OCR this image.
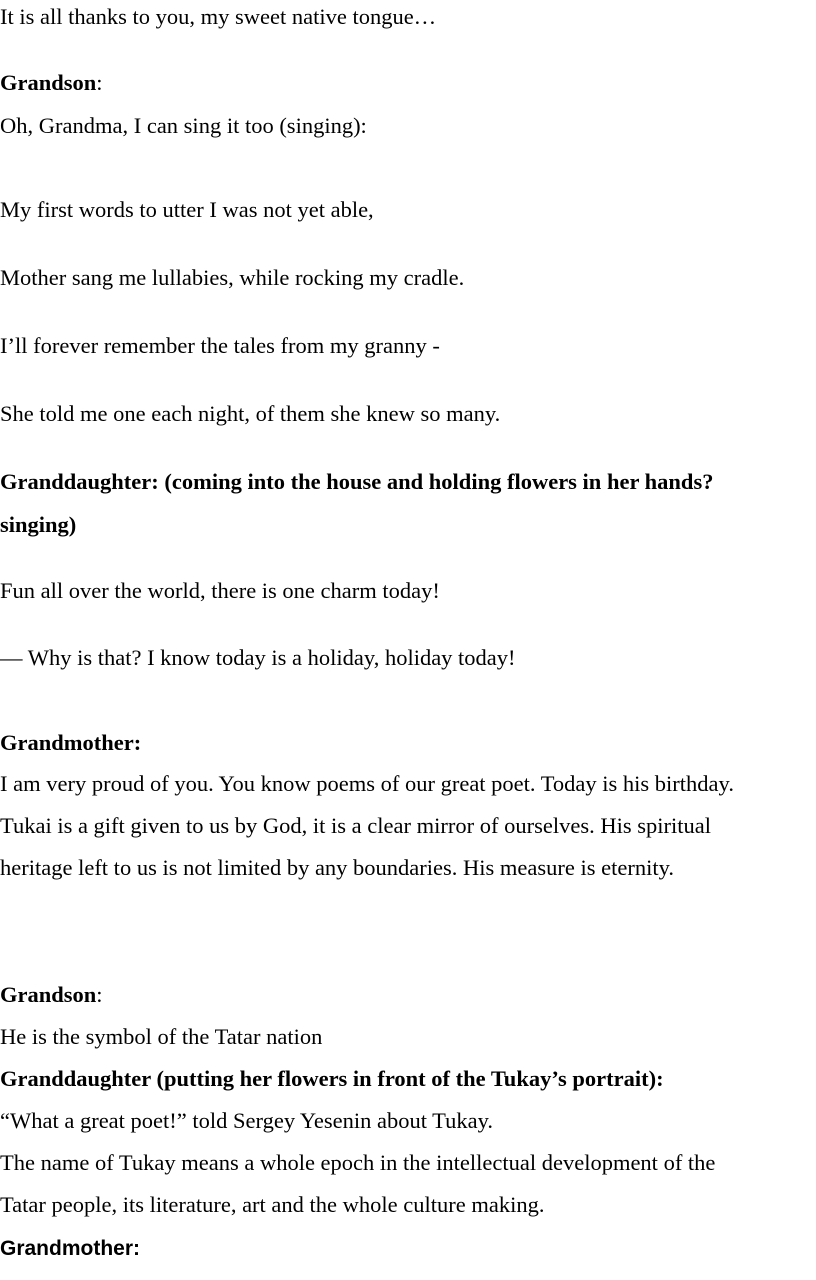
It is all thanks to you, my sweet native tongue…

Grandson:

Oh, Grandma, I can sing it too (singing):

My first words to utter I was not yet able,

Mother sang me lullabies, while rocking my cradle.

I’ll forever remember the tales from my granny -

She told me one each night, of them she knew so many.

Granddaughter: (coming into the house and holding flowers in her hands?

singing)

Fun all over the world, there is one charm today!

— Why is that? I know today is a holiday, holiday today!

Grandmother:

I am very proud of you. You know poems of our great poet. Today is his birthday.

Tukai is a gift given to us by God, it is a clear mirror of ourselves. His spiritual

heritage left to us is not limited by any boundaries. His measure is eternity.

Grandson:

He is the symbol of the Tatar nation

Granddaughter (putting her flowers in front of the Tukay’s portrait):

“What a great poet!” told Sergey Yesenin about Tukay.

The name of Tukay means a whole epoch in the intellectual development of the

Tatar people, its literature, art and the whole culture making.

Grandmother:
